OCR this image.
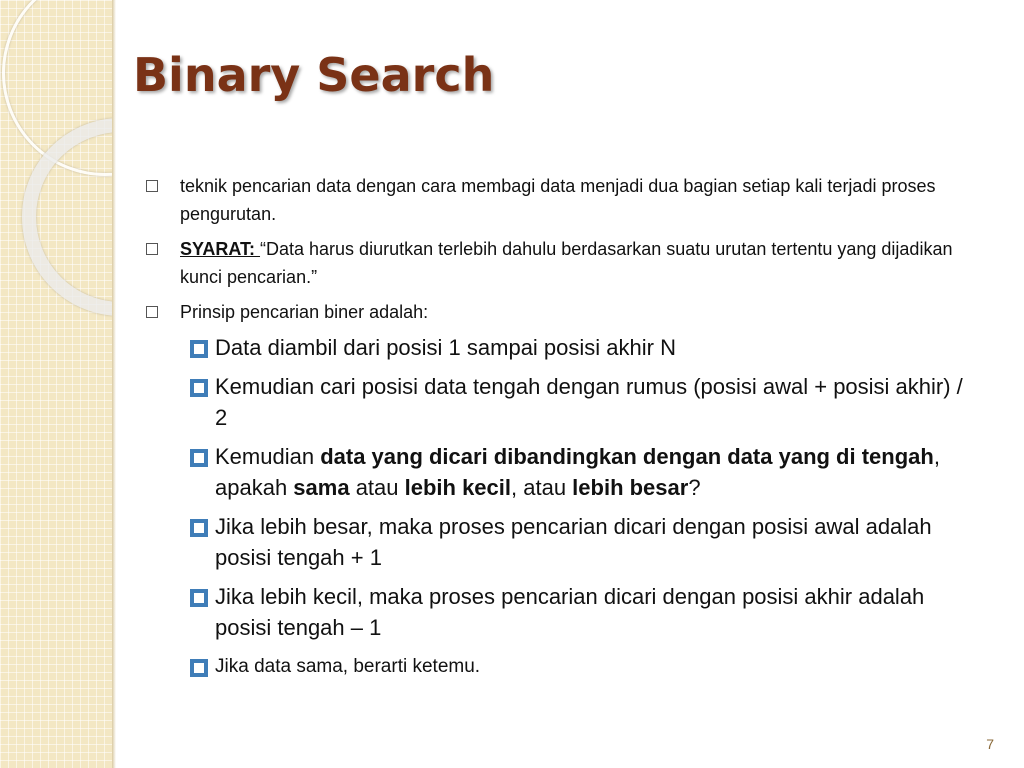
Binary Search
teknik pencarian data dengan cara membagi data menjadi dua bagian setiap kali terjadi proses pengurutan.
SYARAT: “Data harus diurutkan terlebih dahulu berdasarkan suatu urutan tertentu yang dijadikan kunci pencarian.”
Prinsip pencarian biner adalah:
Data diambil dari posisi 1 sampai posisi akhir N
Kemudian cari posisi data tengah dengan rumus (posisi awal + posisi akhir) / 2
Kemudian data yang dicari dibandingkan dengan data yang di tengah, apakah sama atau lebih kecil, atau lebih besar?
Jika lebih besar, maka proses pencarian dicari dengan posisi awal adalah posisi tengah + 1
Jika lebih kecil, maka proses pencarian dicari dengan posisi akhir adalah posisi tengah – 1
Jika data sama, berarti ketemu.
7
